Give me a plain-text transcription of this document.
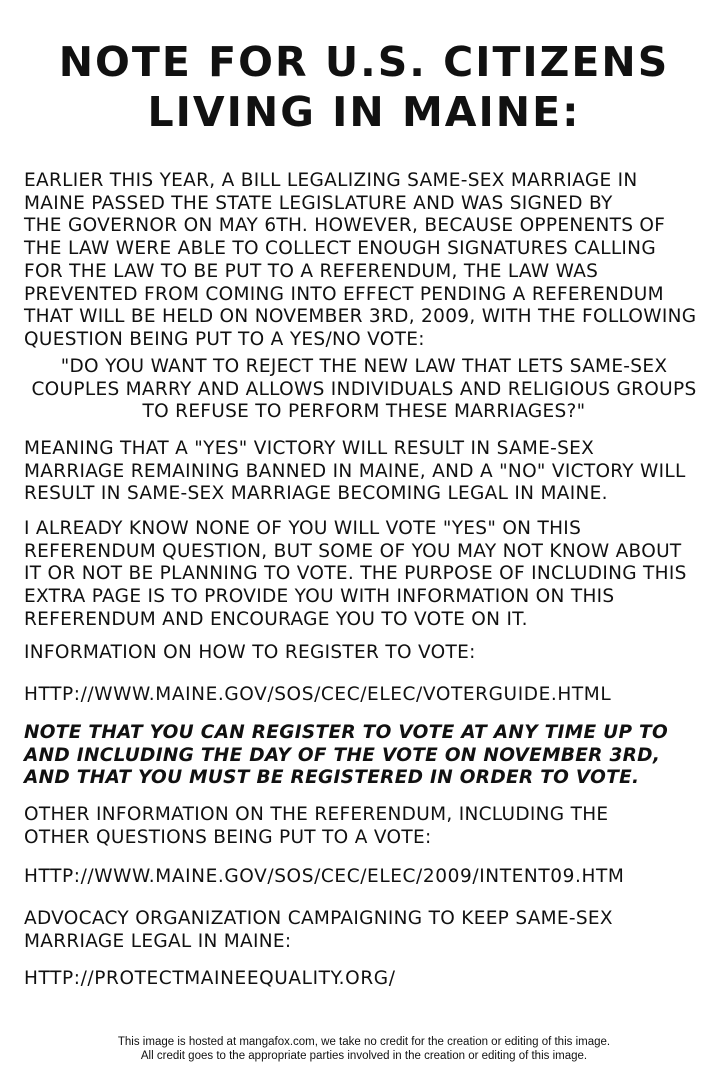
NOTE FOR U.S. CITIZENS
LIVING IN MAINE:
EARLIER THIS YEAR, A BILL LEGALIZING SAME-SEX MARRIAGE IN
MAINE PASSED THE STATE LEGISLATURE AND WAS SIGNED BY
THE GOVERNOR ON MAY 6TH. HOWEVER, BECAUSE OPPENENTS OF
THE LAW WERE ABLE TO COLLECT ENOUGH SIGNATURES CALLING
FOR THE LAW TO BE PUT TO A REFERENDUM, THE LAW WAS
PREVENTED FROM COMING INTO EFFECT PENDING A REFERENDUM
THAT WILL BE HELD ON NOVEMBER 3RD, 2009, WITH THE FOLLOWING
QUESTION BEING PUT TO A YES/NO VOTE:
"DO YOU WANT TO REJECT THE NEW LAW THAT LETS SAME-SEX
COUPLES MARRY AND ALLOWS INDIVIDUALS AND RELIGIOUS GROUPS
TO REFUSE TO PERFORM THESE MARRIAGES?"
MEANING THAT A "YES" VICTORY WILL RESULT IN SAME-SEX
MARRIAGE REMAINING BANNED IN MAINE, AND A "NO" VICTORY WILL
RESULT IN SAME-SEX MARRIAGE BECOMING LEGAL IN MAINE.
I ALREADY KNOW NONE OF YOU WILL VOTE "YES" ON THIS
REFERENDUM QUESTION, BUT SOME OF YOU MAY NOT KNOW ABOUT
IT OR NOT BE PLANNING TO VOTE. THE PURPOSE OF INCLUDING THIS
EXTRA PAGE IS TO PROVIDE YOU WITH INFORMATION ON THIS
REFERENDUM AND ENCOURAGE YOU TO VOTE ON IT.
INFORMATION ON HOW TO REGISTER TO VOTE:
HTTP://WWW.MAINE.GOV/SOS/CEC/ELEC/VOTERGUIDE.HTML
NOTE THAT YOU CAN REGISTER TO VOTE AT ANY TIME UP TO
AND INCLUDING THE DAY OF THE VOTE ON NOVEMBER 3RD,
AND THAT YOU MUST BE REGISTERED IN ORDER TO VOTE.
OTHER INFORMATION ON THE REFERENDUM, INCLUDING THE
OTHER QUESTIONS BEING PUT TO A VOTE:
HTTP://WWW.MAINE.GOV/SOS/CEC/ELEC/2009/INTENT09.HTM
ADVOCACY ORGANIZATION CAMPAIGNING TO KEEP SAME-SEX
MARRIAGE LEGAL IN MAINE:
HTTP://PROTECTMAINEEQUALITY.ORG/
This image is hosted at mangafox.com, we take no credit for the creation or editing of this image.
All credit goes to the appropriate parties involved in the creation or editing of this image.
